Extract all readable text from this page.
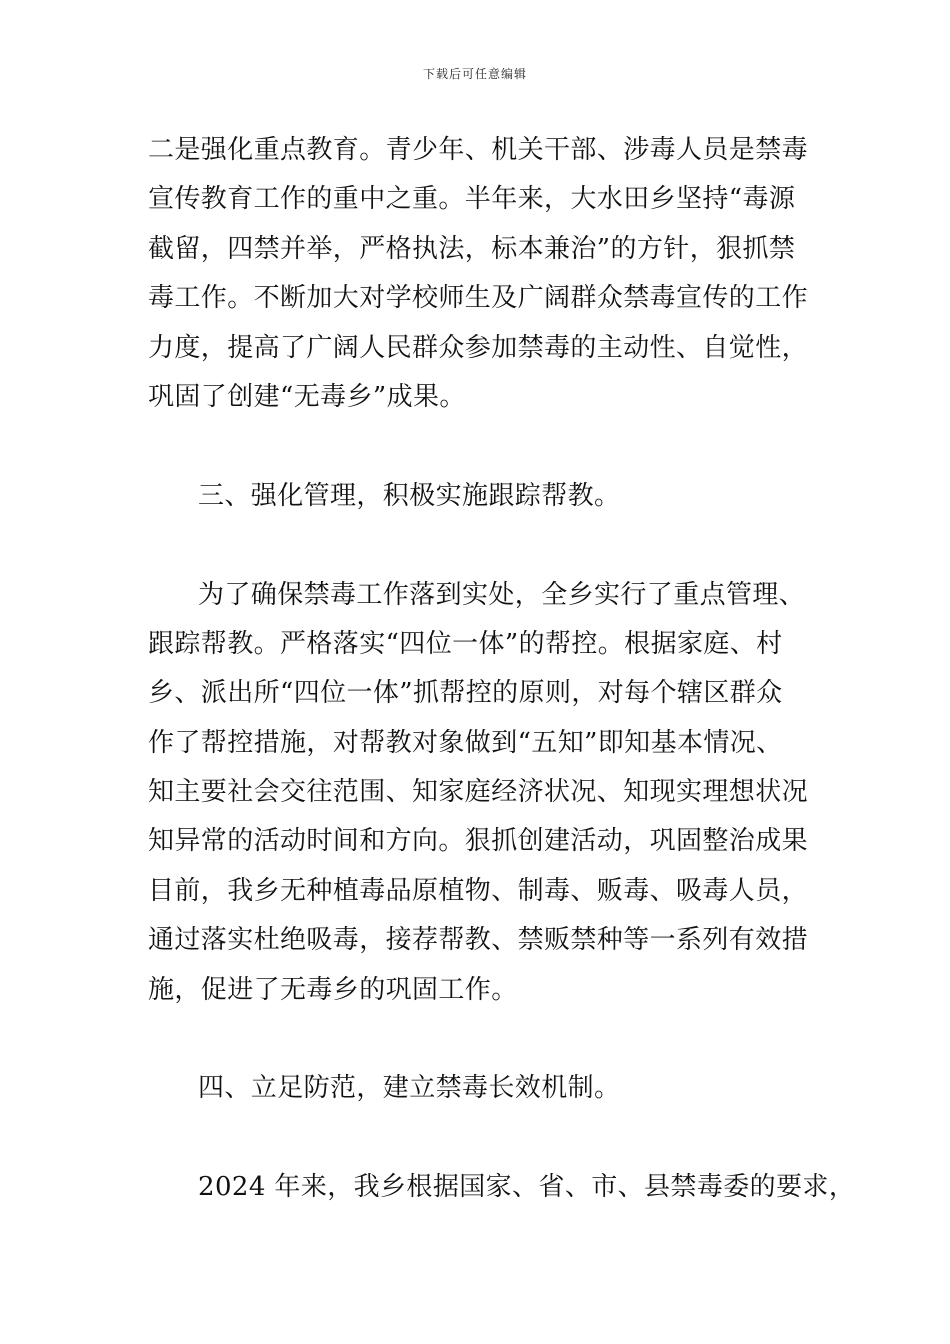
下载后可任意编辑
二是强化重点教育。青少年、机关干部、涉毒人员是禁毒
宣传教育工作的重中之重。半年来，大水田乡坚持“毒源
截留，四禁并举，严格执法，标本兼治”的方针，狠抓禁
毒工作。不断加大对学校师生及广阔群众禁毒宣传的工作
力度，提高了广阔人民群众参加禁毒的主动性、自觉性，
巩固了创建“无毒乡”成果。
三、强化管理，积极实施跟踪帮教。
为了确保禁毒工作落到实处，全乡实行了重点管理、
跟踪帮教。严格落实“四位一体”的帮控。根据家庭、村
乡、派出所“四位一体”抓帮控的原则，对每个辖区群众
作了帮控措施，对帮教对象做到“五知”即知基本情况、
知主要社会交往范围、知家庭经济状况、知现实理想状况
知异常的活动时间和方向。狠抓创建活动，巩固整治成果
目前，我乡无种植毒品原植物、制毒、贩毒、吸毒人员，
通过落实杜绝吸毒，接荐帮教、禁贩禁种等一系列有效措
施，促进了无毒乡的巩固工作。
四、立足防范，建立禁毒长效机制。
2024 年来，我乡根据国家、省、市、县禁毒委的要求，
